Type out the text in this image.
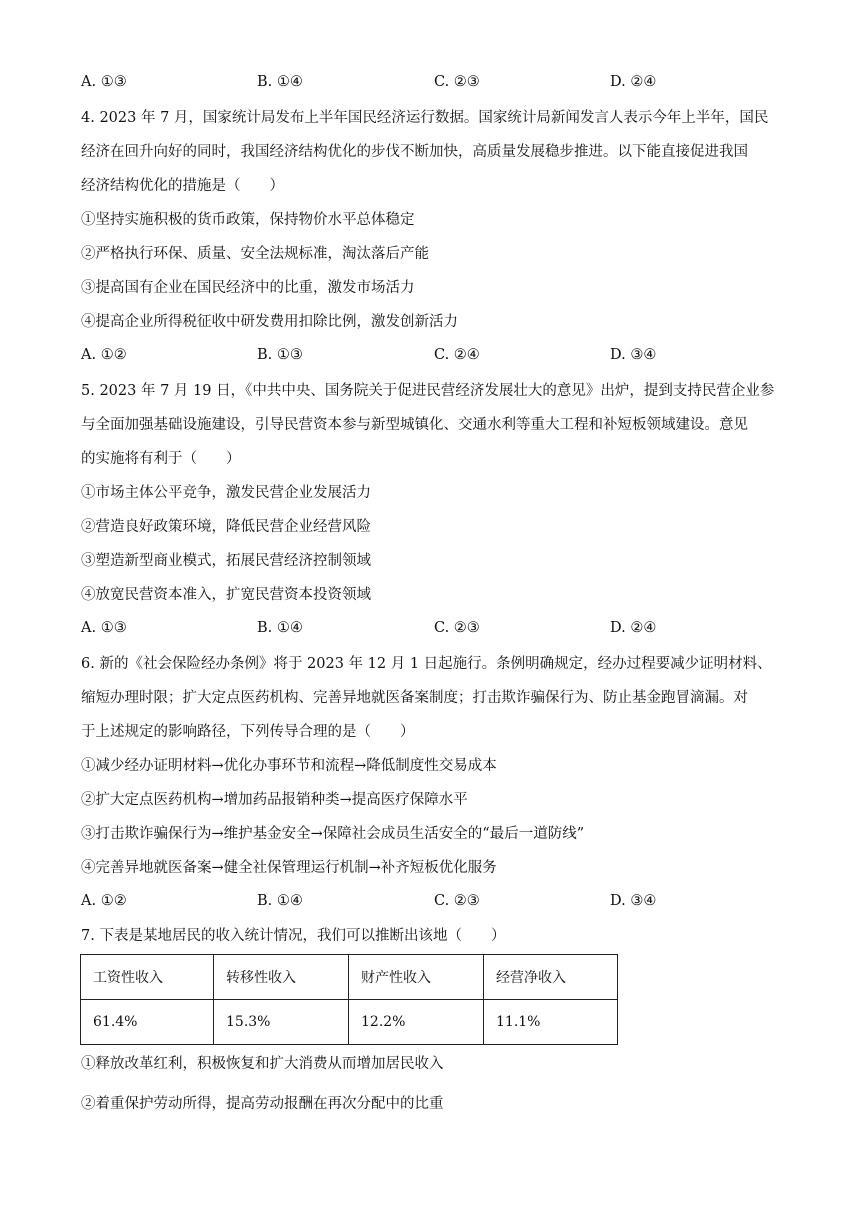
A. ①③	B. ①④	C. ②③	D. ②④
4. 2023 年 7 月，国家统计局发布上半年国民经济运行数据。国家统计局新闻发言人表示今年上半年，国民
经济在回升向好的同时，我国经济结构优化的步伐不断加快，高质量发展稳步推进。以下能直接促进我国
经济结构优化的措施是（　　）
①坚持实施积极的货币政策，保持物价水平总体稳定
②严格执行环保、质量、安全法规标准，淘汰落后产能
③提高国有企业在国民经济中的比重，激发市场活力
④提高企业所得税征收中研发费用扣除比例，激发创新活力
A. ①②	B. ①③	C. ②④	D. ③④
5. 2023 年 7 月 19 日，《中共中央、国务院关于促进民营经济发展壮大的意见》出炉，提到支持民营企业参
与全面加强基础设施建设，引导民营资本参与新型城镇化、交通水利等重大工程和补短板领域建设。意见
的实施将有利于（　　）
①市场主体公平竞争，激发民营企业发展活力
②营造良好政策环境，降低民营企业经营风险
③塑造新型商业模式，拓展民营经济控制领域
④放宽民营资本准入，扩宽民营资本投资领域
A. ①③	B. ①④	C. ②③	D. ②④
6. 新的《社会保险经办条例》将于 2023 年 12 月 1 日起施行。条例明确规定，经办过程要减少证明材料、
缩短办理时限；扩大定点医药机构、完善异地就医备案制度；打击欺诈骗保行为、防止基金跑冒滴漏。对
于上述规定的影响路径，下列传导合理的是（　　）
①减少经办证明材料→优化办事环节和流程→降低制度性交易成本
②扩大定点医药机构→增加药品报销种类→提高医疗保障水平
③打击欺诈骗保行为→维护基金安全→保障社会成员生活安全的“最后一道防线”
④完善异地就医备案→健全社保管理运行机制→补齐短板优化服务
A. ①②	B. ①④	C. ②③	D. ③④
7. 下表是某地居民的收入统计情况，我们可以推断出该地（　　）
工资性收入	转移性收入	财产性收入	经营净收入
61.4%	15.3%	12.2%	11.1%
①释放改革红利，积极恢复和扩大消费从而增加居民收入
②着重保护劳动所得，提高劳动报酬在再次分配中的比重
